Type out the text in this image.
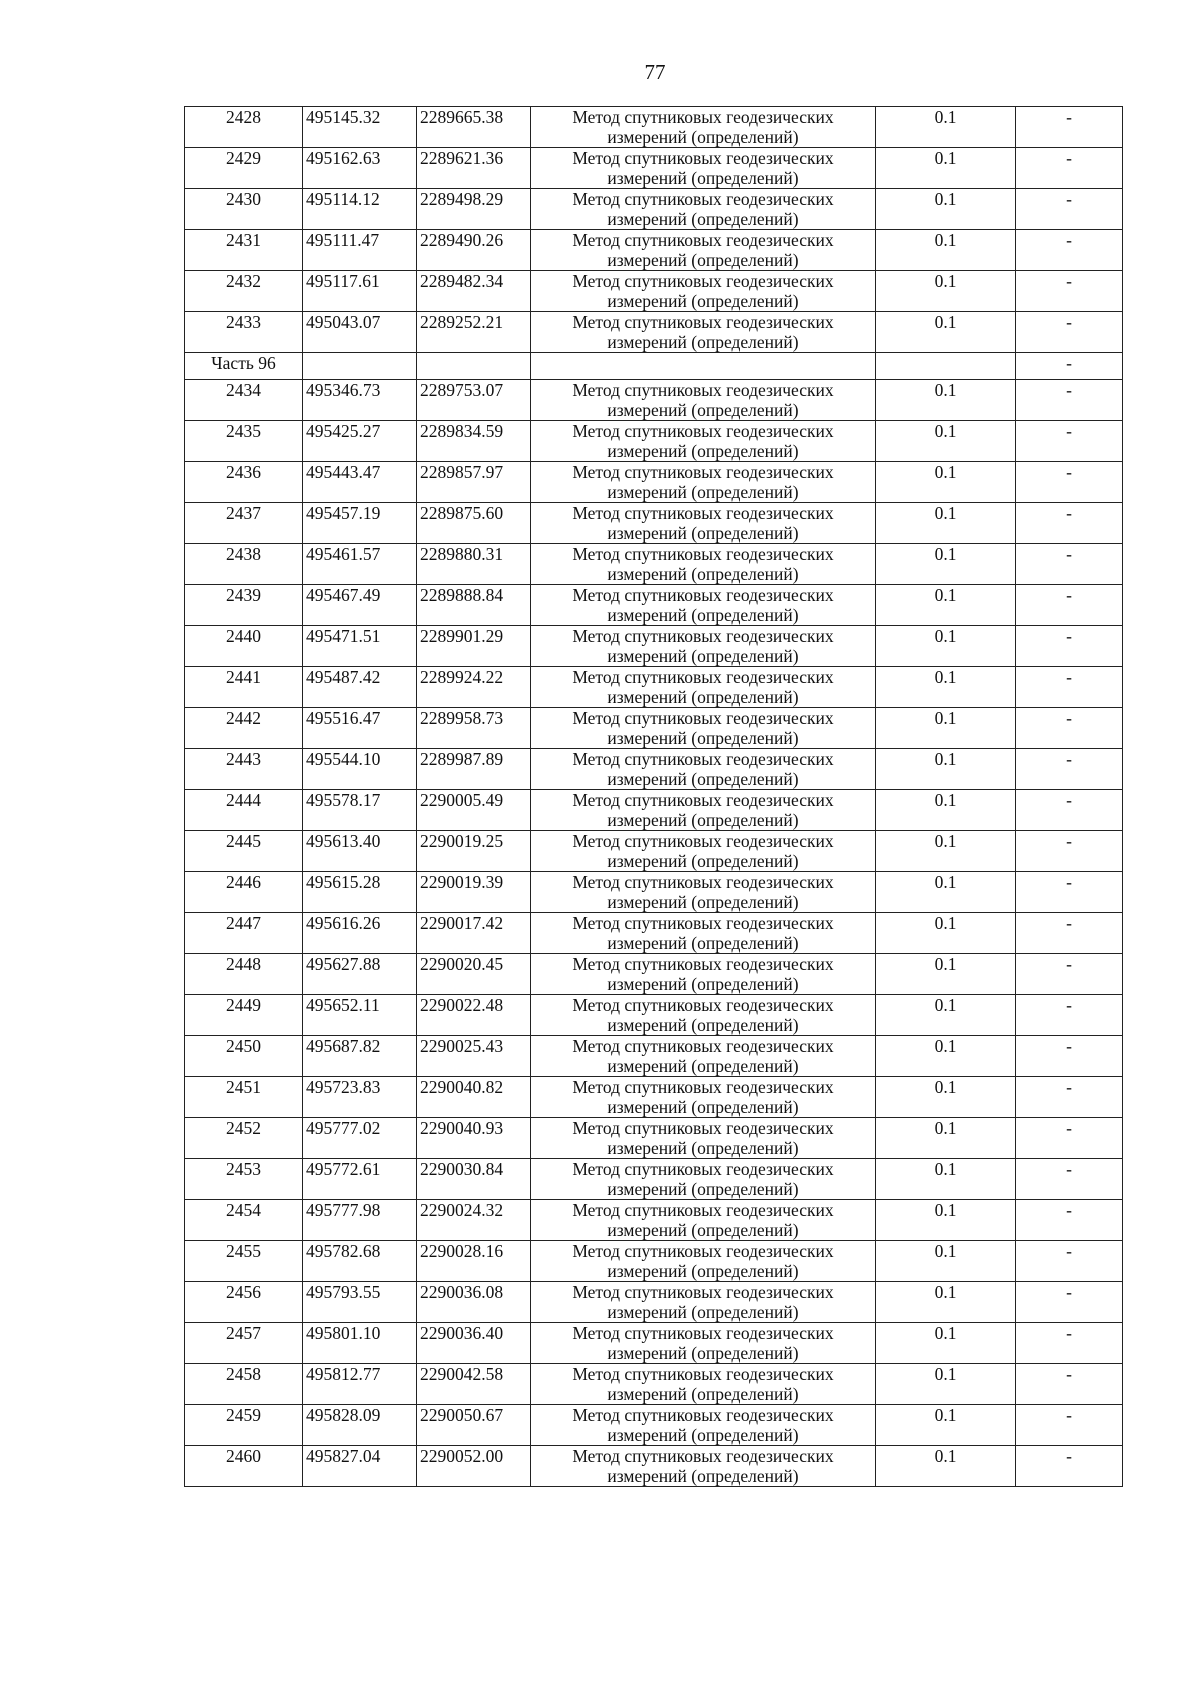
77
2428	495145.32	2289665.38	Метод спутниковых геодезических
измерений (определений)	0.1	-
2429	495162.63	2289621.36	Метод спутниковых геодезических
измерений (определений)	0.1	-
2430	495114.12	2289498.29	Метод спутниковых геодезических
измерений (определений)	0.1	-
2431	495111.47	2289490.26	Метод спутниковых геодезических
измерений (определений)	0.1	-
2432	495117.61	2289482.34	Метод спутниковых геодезических
измерений (определений)	0.1	-
2433	495043.07	2289252.21	Метод спутниковых геодезических
измерений (определений)	0.1	-
Часть 96					-
2434	495346.73	2289753.07	Метод спутниковых геодезических
измерений (определений)	0.1	-
2435	495425.27	2289834.59	Метод спутниковых геодезических
измерений (определений)	0.1	-
2436	495443.47	2289857.97	Метод спутниковых геодезических
измерений (определений)	0.1	-
2437	495457.19	2289875.60	Метод спутниковых геодезических
измерений (определений)	0.1	-
2438	495461.57	2289880.31	Метод спутниковых геодезических
измерений (определений)	0.1	-
2439	495467.49	2289888.84	Метод спутниковых геодезических
измерений (определений)	0.1	-
2440	495471.51	2289901.29	Метод спутниковых геодезических
измерений (определений)	0.1	-
2441	495487.42	2289924.22	Метод спутниковых геодезических
измерений (определений)	0.1	-
2442	495516.47	2289958.73	Метод спутниковых геодезических
измерений (определений)	0.1	-
2443	495544.10	2289987.89	Метод спутниковых геодезических
измерений (определений)	0.1	-
2444	495578.17	2290005.49	Метод спутниковых геодезических
измерений (определений)	0.1	-
2445	495613.40	2290019.25	Метод спутниковых геодезических
измерений (определений)	0.1	-
2446	495615.28	2290019.39	Метод спутниковых геодезических
измерений (определений)	0.1	-
2447	495616.26	2290017.42	Метод спутниковых геодезических
измерений (определений)	0.1	-
2448	495627.88	2290020.45	Метод спутниковых геодезических
измерений (определений)	0.1	-
2449	495652.11	2290022.48	Метод спутниковых геодезических
измерений (определений)	0.1	-
2450	495687.82	2290025.43	Метод спутниковых геодезических
измерений (определений)	0.1	-
2451	495723.83	2290040.82	Метод спутниковых геодезических
измерений (определений)	0.1	-
2452	495777.02	2290040.93	Метод спутниковых геодезических
измерений (определений)	0.1	-
2453	495772.61	2290030.84	Метод спутниковых геодезических
измерений (определений)	0.1	-
2454	495777.98	2290024.32	Метод спутниковых геодезических
измерений (определений)	0.1	-
2455	495782.68	2290028.16	Метод спутниковых геодезических
измерений (определений)	0.1	-
2456	495793.55	2290036.08	Метод спутниковых геодезических
измерений (определений)	0.1	-
2457	495801.10	2290036.40	Метод спутниковых геодезических
измерений (определений)	0.1	-
2458	495812.77	2290042.58	Метод спутниковых геодезических
измерений (определений)	0.1	-
2459	495828.09	2290050.67	Метод спутниковых геодезических
измерений (определений)	0.1	-
2460	495827.04	2290052.00	Метод спутниковых геодезических
измерений (определений)	0.1	-
